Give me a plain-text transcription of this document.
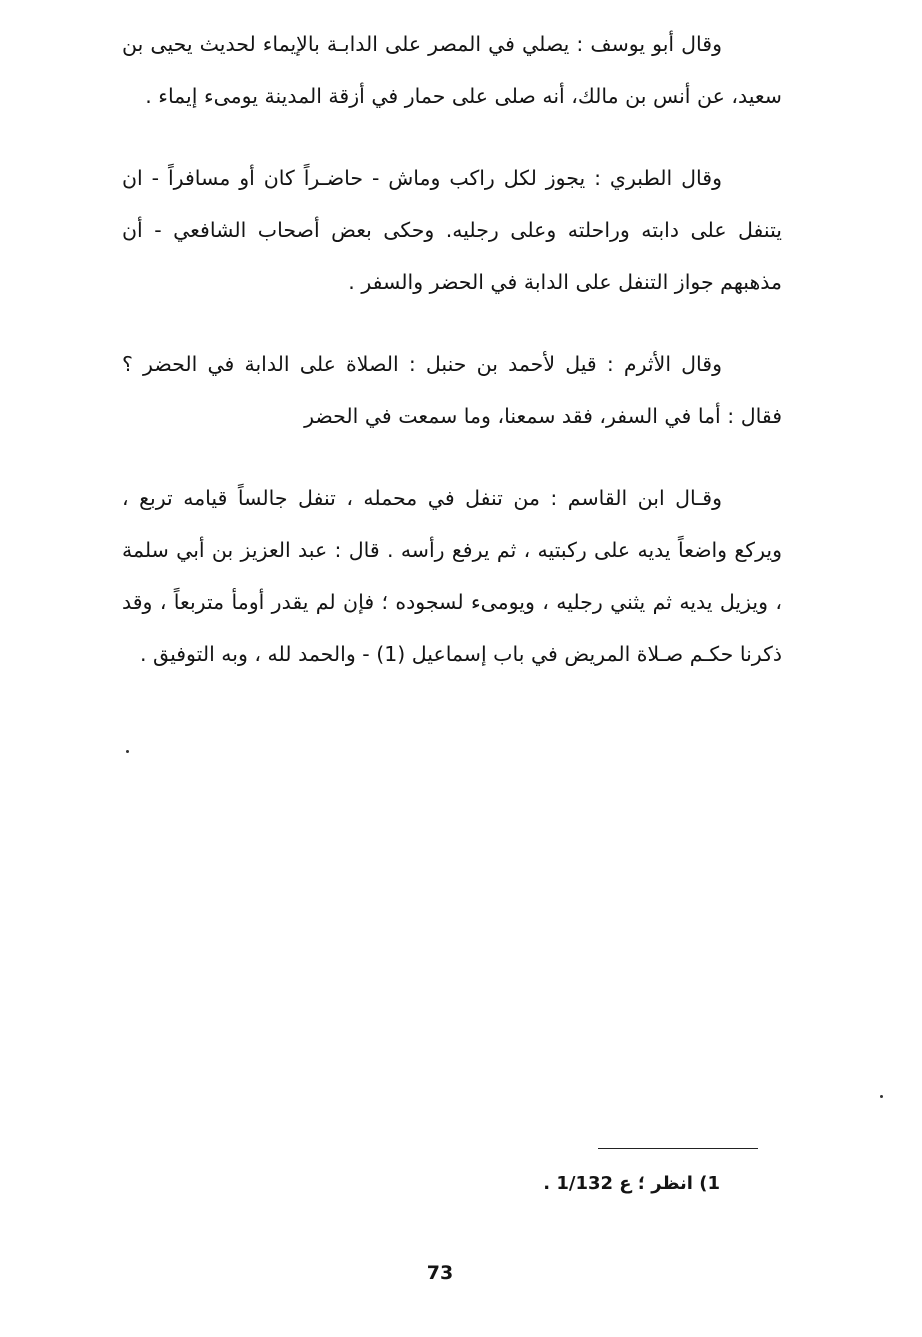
وقال أبو يوسف : يصلي في المصر على الدابـة بالإيماء لحديث يحيى بن سعيد، عن أنس بن مالك، أنه صلى على حمار في أزقة المدينة يومىء إيماء .

وقال الطبري : يجوز لكل راكب وماش - حاضـراً كان أو مسافراً - ان يتنفل على دابته وراحلته وعلى رجليه. وحكى بعض أصحاب الشافعي - أن مذهبهم جواز التنفل على الدابة في الحضر والسفر .

وقال الأثرم : قيل لأحمد بن حنبل : الصلاة على الدابة في الحضر ؟ فقال : أما في السفر، فقد سمعنا، وما سمعت في الحضر

وقـال ابن القاسم : من تنفل في محمله ، تنفل جالساً قيامه تربع ، ويركع واضعاً يديه على ركبتيه ، ثم يرفع رأسه . قال : عبد العزيز بن أبي سلمة ، ويزيل يديه ثم يثني رجليه ، ويومىء لسجوده ؛ فإن لم يقدر أومأ متربعاً ، وقد ذكرنا حكـم صـلاة المريض في باب إسماعيل (1) - والحمد لله ، وبه التوفيق .

1) انظر ؛ ع 1/132 .
73
